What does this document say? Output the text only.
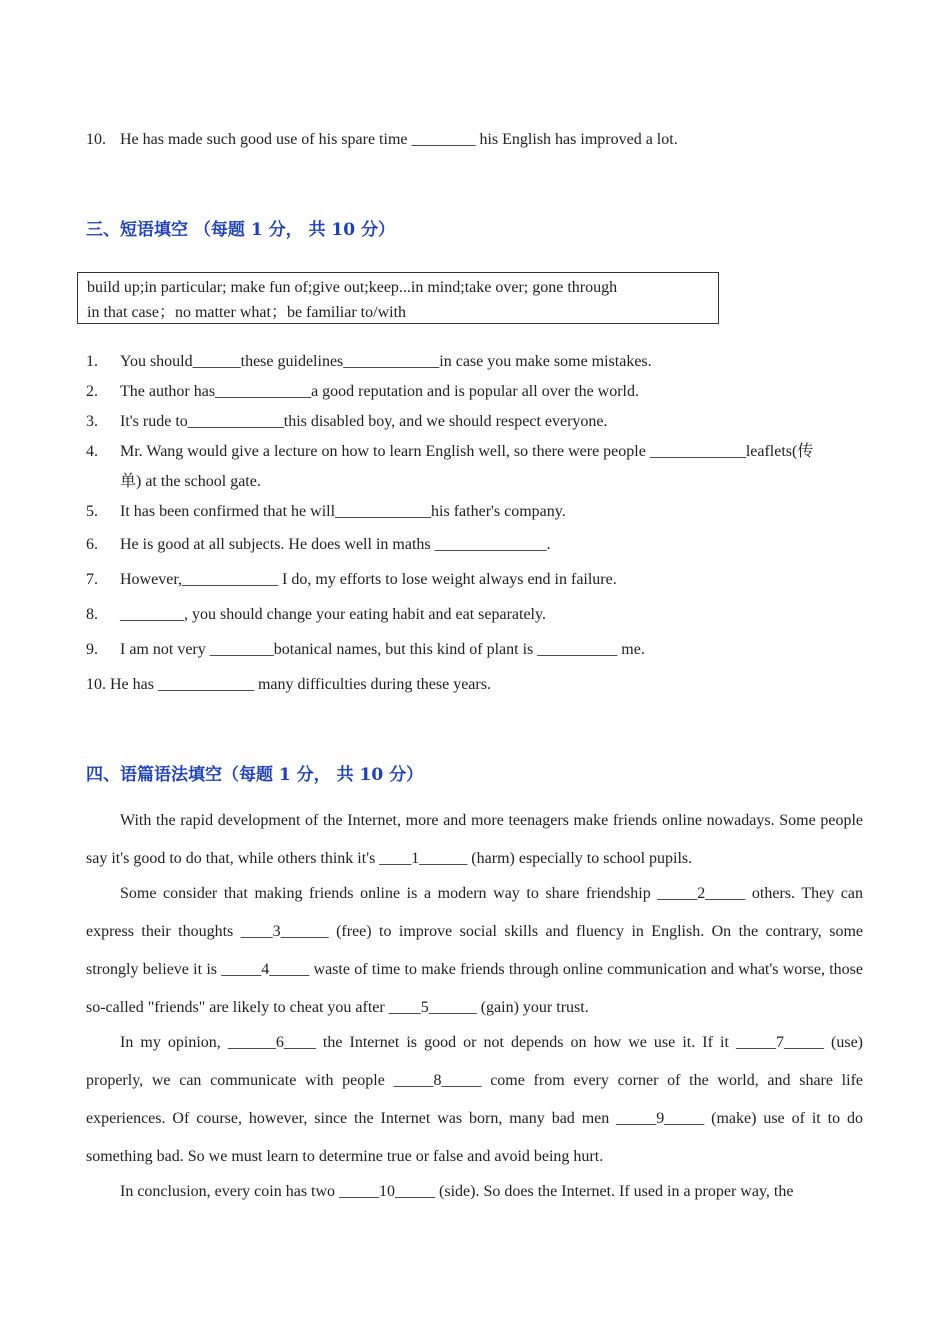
10. He has made such good use of his spare time ________ his English has improved a lot.
三、短语填空 （每题 1 分， 共 10 分）
build up;in particular; make fun of;give out;keep...in mind;take over; gone through
in that case；no matter what；be familiar to/with
1. You should______these guidelines____________in case you make some mistakes.
2. The author has____________a good reputation and is popular all over the world.
3. It's rude to____________this disabled boy, and we should respect everyone.
4. Mr. Wang would give a lecture on how to learn English well, so there were people ____________leaflets(传
单) at the school gate.
5. It has been confirmed that he will____________his father's company.
6. He is good at all subjects. He does well in maths ______________.
7. However,____________ I do, my efforts to lose weight always end in failure.
8. ________, you should change your eating habit and eat separately.
9. I am not very ________botanical names, but this kind of plant is __________ me.
10. He has ____________ many difficulties during these years.
四、语篇语法填空（每题 1 分， 共 10 分）
With the rapid development of the Internet, more and more teenagers make friends online nowadays. Some people say it's good to do that, while others think it's ____1______ (harm) especially to school pupils.
Some consider that making friends online is a modern way to share friendship _____2_____ others. They can express their thoughts ____3______ (free) to improve social skills and fluency in English. On the contrary, some strongly believe it is _____4_____ waste of time to make friends through online communication and what's worse, those so-called "friends" are likely to cheat you after ____5______ (gain) your trust.
In my opinion, ______6____ the Internet is good or not depends on how we use it. If it _____7_____ (use) properly, we can communicate with people _____8_____ come from every corner of the world, and share life experiences. Of course, however, since the Internet was born, many bad men _____9_____ (make) use of it to do something bad. So we must learn to determine true or false and avoid being hurt.
In conclusion, every coin has two _____10_____ (side). So does the Internet. If used in a proper way, the
